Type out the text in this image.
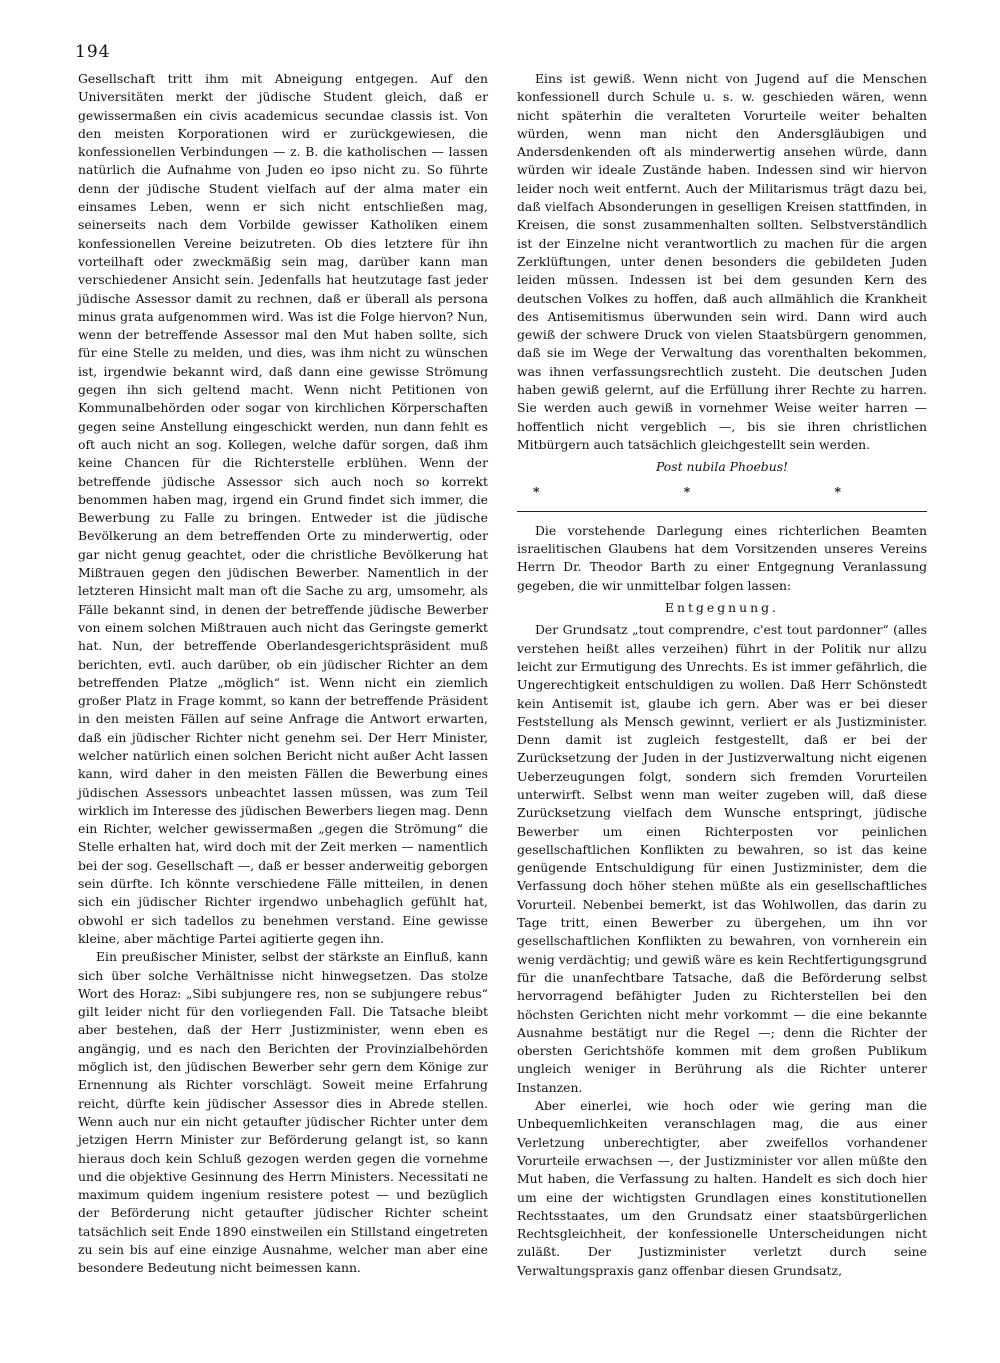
194

Gesellschaft tritt ihm mit Abneigung entgegen. Auf den Universitäten merkt der jüdische Student gleich, daß er gewissermaßen ein civis academicus secundae classis ist. Von den meisten Korporationen wird er zurückgewiesen, die konfessionellen Verbindungen — z. B. die katholischen — lassen natürlich die Aufnahme von Juden eo ipso nicht zu. So führte denn der jüdische Student vielfach auf der alma mater ein einsames Leben, wenn er sich nicht entschließen mag, seinerseits nach dem Vorbilde gewisser Katholiken einem konfessionellen Vereine beizutreten. Ob dies letztere für ihn vorteilhaft oder zweckmäßig sein mag, darüber kann man verschiedener Ansicht sein. Jedenfalls hat heutzutage fast jeder jüdische Assessor damit zu rechnen, daß er überall als persona minus grata aufgenommen wird. Was ist die Folge hiervon? Nun, wenn der betreffende Assessor mal den Mut haben sollte, sich für eine Stelle zu melden, und dies, was ihm nicht zu wünschen ist, irgendwie bekannt wird, daß dann eine gewisse Strömung gegen ihn sich geltend macht. Wenn nicht Petitionen von Kommunalbehörden oder sogar von kirchlichen Körperschaften gegen seine Anstellung eingeschickt werden, nun dann fehlt es oft auch nicht an sog. Kollegen, welche dafür sorgen, daß ihm keine Chancen für die Richterstelle erblühen. Wenn der betreffende jüdische Assessor sich auch noch so korrekt benommen haben mag, irgend ein Grund findet sich immer, die Bewerbung zu Falle zu bringen. Entweder ist die jüdische Bevölkerung an dem betreffenden Orte zu minderwertig, oder gar nicht genug geachtet, oder die christliche Bevölkerung hat Mißtrauen gegen den jüdischen Bewerber. Namentlich in der letzteren Hinsicht malt man oft die Sache zu arg, umsomehr, als Fälle bekannt sind, in denen der betreffende jüdische Bewerber von einem solchen Mißtrauen auch nicht das Geringste gemerkt hat. Nun, der betreffende Oberlandesgerichtspräsident muß berichten, evtl. auch darüber, ob ein jüdischer Richter an dem betreffenden Platze „möglich“ ist. Wenn nicht ein ziemlich großer Platz in Frage kommt, so kann der betreffende Präsident in den meisten Fällen auf seine Anfrage die Antwort erwarten, daß ein jüdischer Richter nicht genehm sei. Der Herr Minister, welcher natürlich einen solchen Bericht nicht außer Acht lassen kann, wird daher in den meisten Fällen die Bewerbung eines jüdischen Assessors unbeachtet lassen müssen, was zum Teil wirklich im Interesse des jüdischen Bewerbers liegen mag. Denn ein Richter, welcher gewissermaßen „gegen die Strömung“ die Stelle erhalten hat, wird doch mit der Zeit merken — namentlich bei der sog. Gesellschaft —, daß er besser anderweitig geborgen sein dürfte. Ich könnte verschiedene Fälle mitteilen, in denen sich ein jüdischer Richter irgendwo unbehaglich gefühlt hat, obwohl er sich tadellos zu benehmen verstand. Eine gewisse kleine, aber mächtige Partei agitierte gegen ihn.

Ein preußischer Minister, selbst der stärkste an Einfluß, kann sich über solche Verhältnisse nicht hinwegsetzen. Das stolze Wort des Horaz: „Sibi subjungere res, non se subjungere rebus“ gilt leider nicht für den vorliegenden Fall. Die Tatsache bleibt aber bestehen, daß der Herr Justizminister, wenn eben es angängig, und es nach den Berichten der Provinzialbehörden möglich ist, den jüdischen Bewerber sehr gern dem Könige zur Ernennung als Richter vorschlägt. Soweit meine Erfahrung reicht, dürfte kein jüdischer Assessor dies in Abrede stellen. Wenn auch nur ein nicht getaufter jüdischer Richter unter dem jetzigen Herrn Minister zur Beförderung gelangt ist, so kann hieraus doch kein Schluß gezogen werden gegen die vornehme und die objektive Gesinnung des Herrn Ministers. Necessitati ne maximum quidem ingenium resistere potest — und bezüglich der Beförderung nicht getaufter jüdischer Richter scheint tatsächlich seit Ende 1890 einstweilen ein Stillstand eingetreten zu sein bis auf eine einzige Ausnahme, welcher man aber eine besondere Bedeutung nicht beimessen kann.

Eins ist gewiß. Wenn nicht von Jugend auf die Menschen konfessionell durch Schule u. s. w. geschieden wären, wenn nicht späterhin die veralteten Vorurteile weiter behalten würden, wenn man nicht den Andersgläubigen und Andersdenkenden oft als minderwertig ansehen würde, dann würden wir ideale Zustände haben. Indessen sind wir hiervon leider noch weit entfernt. Auch der Militarismus trägt dazu bei, daß vielfach Absonderungen in geselligen Kreisen stattfinden, in Kreisen, die sonst zusammenhalten sollten. Selbstverständlich ist der Einzelne nicht verantwortlich zu machen für die argen Zerklüftungen, unter denen besonders die gebildeten Juden leiden müssen. Indessen ist bei dem gesunden Kern des deutschen Volkes zu hoffen, daß auch allmählich die Krankheit des Antisemitismus überwunden sein wird. Dann wird auch gewiß der schwere Druck von vielen Staatsbürgern genommen, daß sie im Wege der Verwaltung das vorenthalten bekommen, was ihnen verfassungsrechtlich zusteht. Die deutschen Juden haben gewiß gelernt, auf die Erfüllung ihrer Rechte zu harren. Sie werden auch gewiß in vornehmer Weise weiter harren — hoffentlich nicht vergeblich —, bis sie ihren christlichen Mitbürgern auch tatsächlich gleichgestellt sein werden.

Post nubila Phoebus!

* * *

Die vorstehende Darlegung eines richterlichen Beamten israelitischen Glaubens hat dem Vorsitzenden unseres Vereins Herrn Dr. Theodor Barth zu einer Entgegnung Veranlassung gegeben, die wir unmittelbar folgen lassen:

Entgegnung.

Der Grundsatz „tout comprendre, c'est tout pardonner“ (alles verstehen heißt alles verzeihen) führt in der Politik nur allzu leicht zur Ermutigung des Unrechts. Es ist immer gefährlich, die Ungerechtigkeit entschuldigen zu wollen. Daß Herr Schönstedt kein Antisemit ist, glaube ich gern. Aber was er bei dieser Feststellung als Mensch gewinnt, verliert er als Justizminister. Denn damit ist zugleich festgestellt, daß er bei der Zurücksetzung der Juden in der Justizverwaltung nicht eigenen Ueberzeugungen folgt, sondern sich fremden Vorurteilen unterwirft. Selbst wenn man weiter zugeben will, daß diese Zurücksetzung vielfach dem Wunsche entspringt, jüdische Bewerber um einen Richterposten vor peinlichen gesellschaftlichen Konflikten zu bewahren, so ist das keine genügende Entschuldigung für einen Justizminister, dem die Verfassung doch höher stehen müßte als ein gesellschaftliches Vorurteil. Nebenbei bemerkt, ist das Wohlwollen, das darin zu Tage tritt, einen Bewerber zu übergehen, um ihn vor gesellschaftlichen Konflikten zu bewahren, von vornherein ein wenig verdächtig; und gewiß wäre es kein Rechtfertigungsgrund für die unanfechtbare Tatsache, daß die Beförderung selbst hervorragend befähigter Juden zu Richterstellen bei den höchsten Gerichten nicht mehr vorkommt — die eine bekannte Ausnahme bestätigt nur die Regel —; denn die Richter der obersten Gerichtshöfe kommen mit dem großen Publikum ungleich weniger in Berührung als die Richter unterer Instanzen.

Aber einerlei, wie hoch oder wie gering man die Unbequemlichkeiten veranschlagen mag, die aus einer Verletzung unberechtigter, aber zweifellos vorhandener Vorurteile erwachsen —, der Justizminister vor allen müßte den Mut haben, die Verfassung zu halten. Handelt es sich doch hier um eine der wichtigsten Grundlagen eines konstitutionellen Rechtsstaates, um den Grundsatz einer staatsbürgerlichen Rechtsgleichheit, der konfessionelle Unterscheidungen nicht zuläßt. Der Justizminister verletzt durch seine Verwaltungspraxis ganz offenbar diesen Grundsatz,
